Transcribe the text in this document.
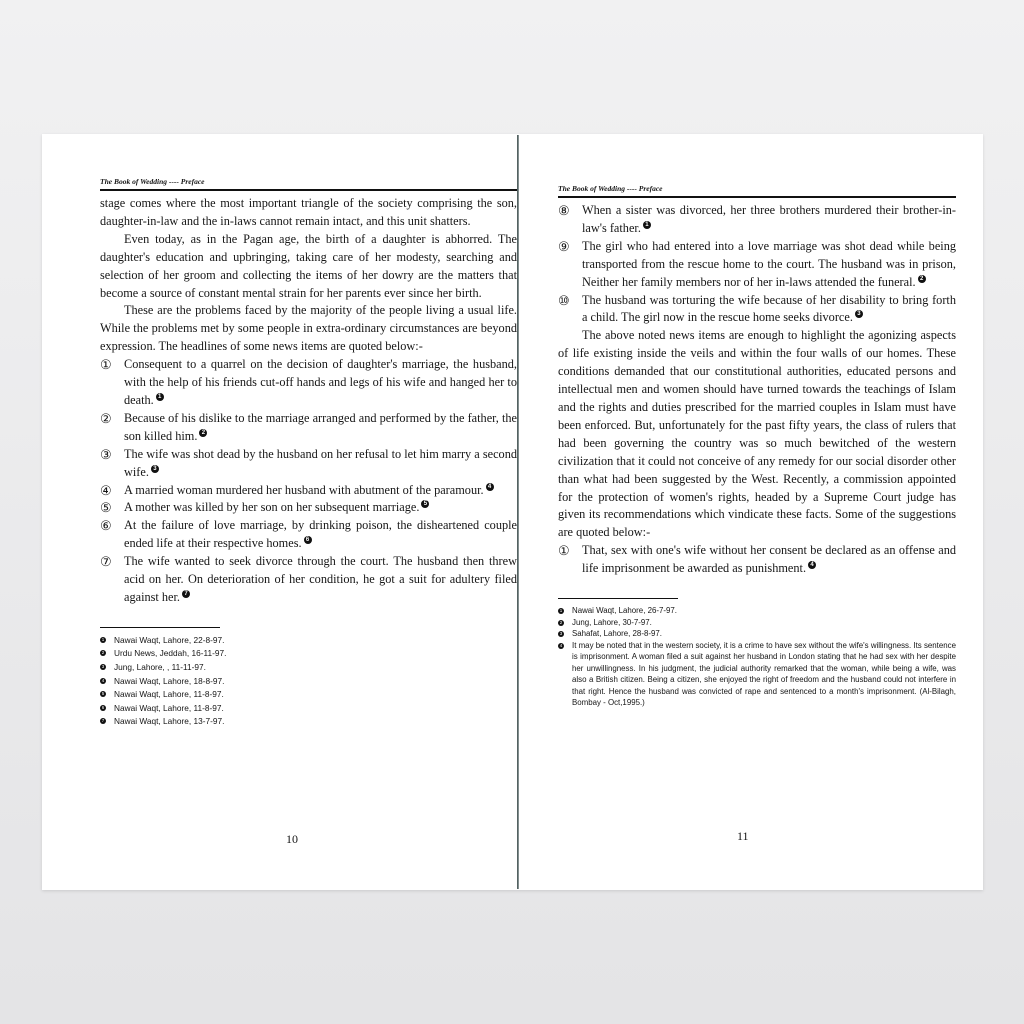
The Book of Wedding ---- Preface

stage comes where the most important triangle of the society comprising the son, daughter-in-law and the in-laws cannot remain intact, and this unit shatters.

Even today, as in the Pagan age, the birth of a daughter is abhorred. The daughter's education and upbringing, taking care of her modesty, searching and selection of her groom and collecting the items of her dowry are the matters that become a source of constant mental strain for her parents ever since her birth.

These are the problems faced by the majority of the people living a usual life. While the problems met by some people in extra-ordinary circumstances are beyond expression. The headlines of some news items are quoted below:-

①	Consequent to a quarrel on the decision of daughter's marriage, the husband, with the help of his friends cut-off hands and legs of his wife and hanged her to death. $^1$
②	Because of his dislike to the marriage arranged and performed by the father, the son killed him. $^2$
③	The wife was shot dead by the husband on her refusal to let him marry a second wife. $^3$
④	A married woman murdered her husband with abutment of the paramour. $^4$
⑤	A mother was killed by her son on her subsequent marriage. $^5$
⑥	At the failure of love marriage, by drinking poison, the disheartened couple ended life at their respective homes. $^6$
⑦	The wife wanted to seek divorce through the court. The husband then threw acid on her. On deterioration of her condition, he got a suit for adultery filed against her. $^7$
1 Nawai Waqt, Lahore, 22-8-97.
2 Urdu News, Jeddah, 16-11-97.
3 Jung, Lahore, , 11-11-97.
4 Nawai Waqt, Lahore, 18-8-97.
5 Nawai Waqt, Lahore, 11-8-97.
6 Nawai Waqt, Lahore, 11-8-97.
7 Nawai Waqt, Lahore, 13-7-97.
10
The Book of Wedding ---- Preface
⑧	When a sister was divorced, her three brothers murdered their brother-in-law's father. $^1$
⑨	The girl who had entered into a love marriage was shot dead while being transported from the rescue home to the court. The husband was in prison, Neither her family members nor of her in-laws attended the funeral. $^2$
⑩	The husband was torturing the wife because of her disability to bring forth a child. The girl now in the rescue home seeks divorce. $^3$

The above noted news items are enough to highlight the agonizing aspects of life existing inside the veils and within the four walls of our homes. These conditions demanded that our constitutional authorities, educated persons and intellectual men and women should have turned towards the teachings of Islam and the rights and duties prescribed for the married couples in Islam must have been enforced. But, unfortunately for the past fifty years, the class of rulers that had been governing the country was so much bewitched of the western civilization that it could not conceive of any remedy for our social disorder other than what had been suggested by the West. Recently, a commission appointed for the protection of women's rights, headed by a Supreme Court judge has given its recommendations which vindicate these facts. Some of the suggestions are quoted below:-

①	That, sex with one's wife without her consent be declared as an offense and life imprisonment be awarded as punishment. $^4$
1 Nawai Waqt, Lahore, 26-7-97.
2 Jung, Lahore, 30-7-97.
3 Sahafat, Lahore, 28-8-97.
4 It may be noted that in the western society, it is a crime to have sex without the wife's willingness. Its sentence is imprisonment. A woman filed a suit against her husband in London stating that he had sex with her despite her unwillingness. In his judgment, the judicial authority remarked that the woman, while being a wife, was also a British citizen. Being a citizen, she enjoyed the right of freedom and the husband could not interfere in that right. Hence the husband was convicted of rape and sentenced to a month's imprisonment. (Al-Bilagh, Bombay - Oct,1995.)
11
